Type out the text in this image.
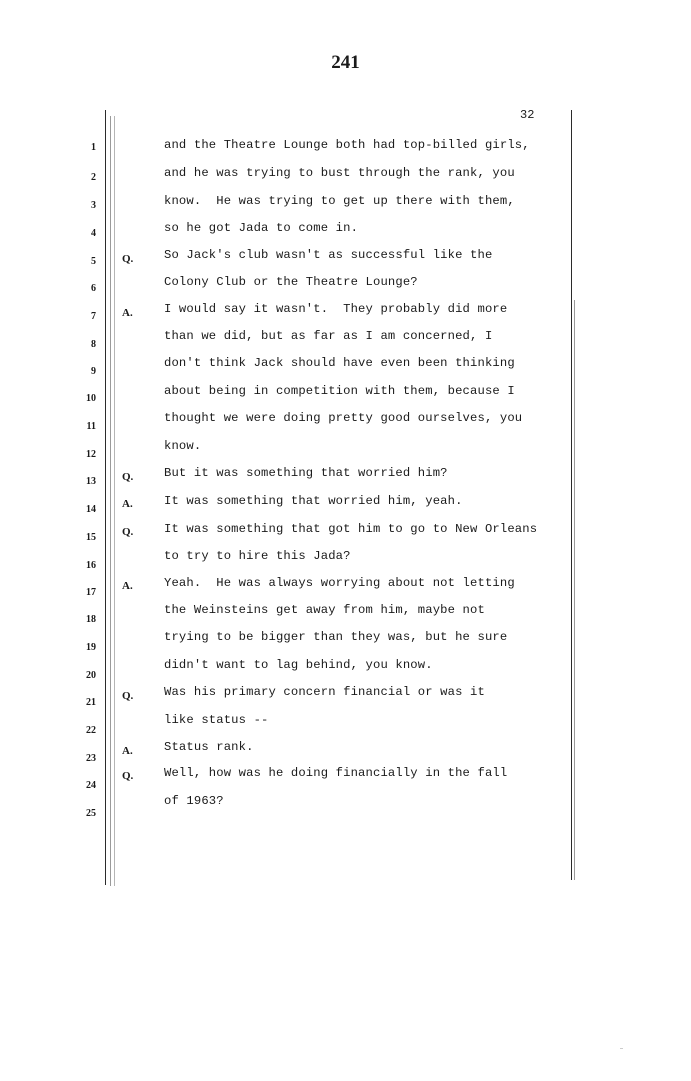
241
32
1
2
3
4
5
6
7
8
9
10
11
12
13
14
15
16
17
18
19
20
21
22
23
24
25
Q.
A.
Q.
A.
Q.
A.
Q.
A.
Q.
and the Theatre Lounge both had top-billed girls,
and he was trying to bust through the rank, you
know.  He was trying to get up there with them,
so he got Jada to come in.
So Jack's club wasn't as successful like the
Colony Club or the Theatre Lounge?
I would say it wasn't.  They probably did more
than we did, but as far as I am concerned, I
don't think Jack should have even been thinking
about being in competition with them, because I
thought we were doing pretty good ourselves, you
know.
But it was something that worried him?
It was something that worried him, yeah.
It was something that got him to go to New Orleans
to try to hire this Jada?
Yeah.  He was always worrying about not letting
the Weinsteins get away from him, maybe not
trying to be bigger than they was, but he sure
didn't want to lag behind, you know.
Was his primary concern financial or was it
like status --
Status rank.
Well, how was he doing financially in the fall
of 1963?
